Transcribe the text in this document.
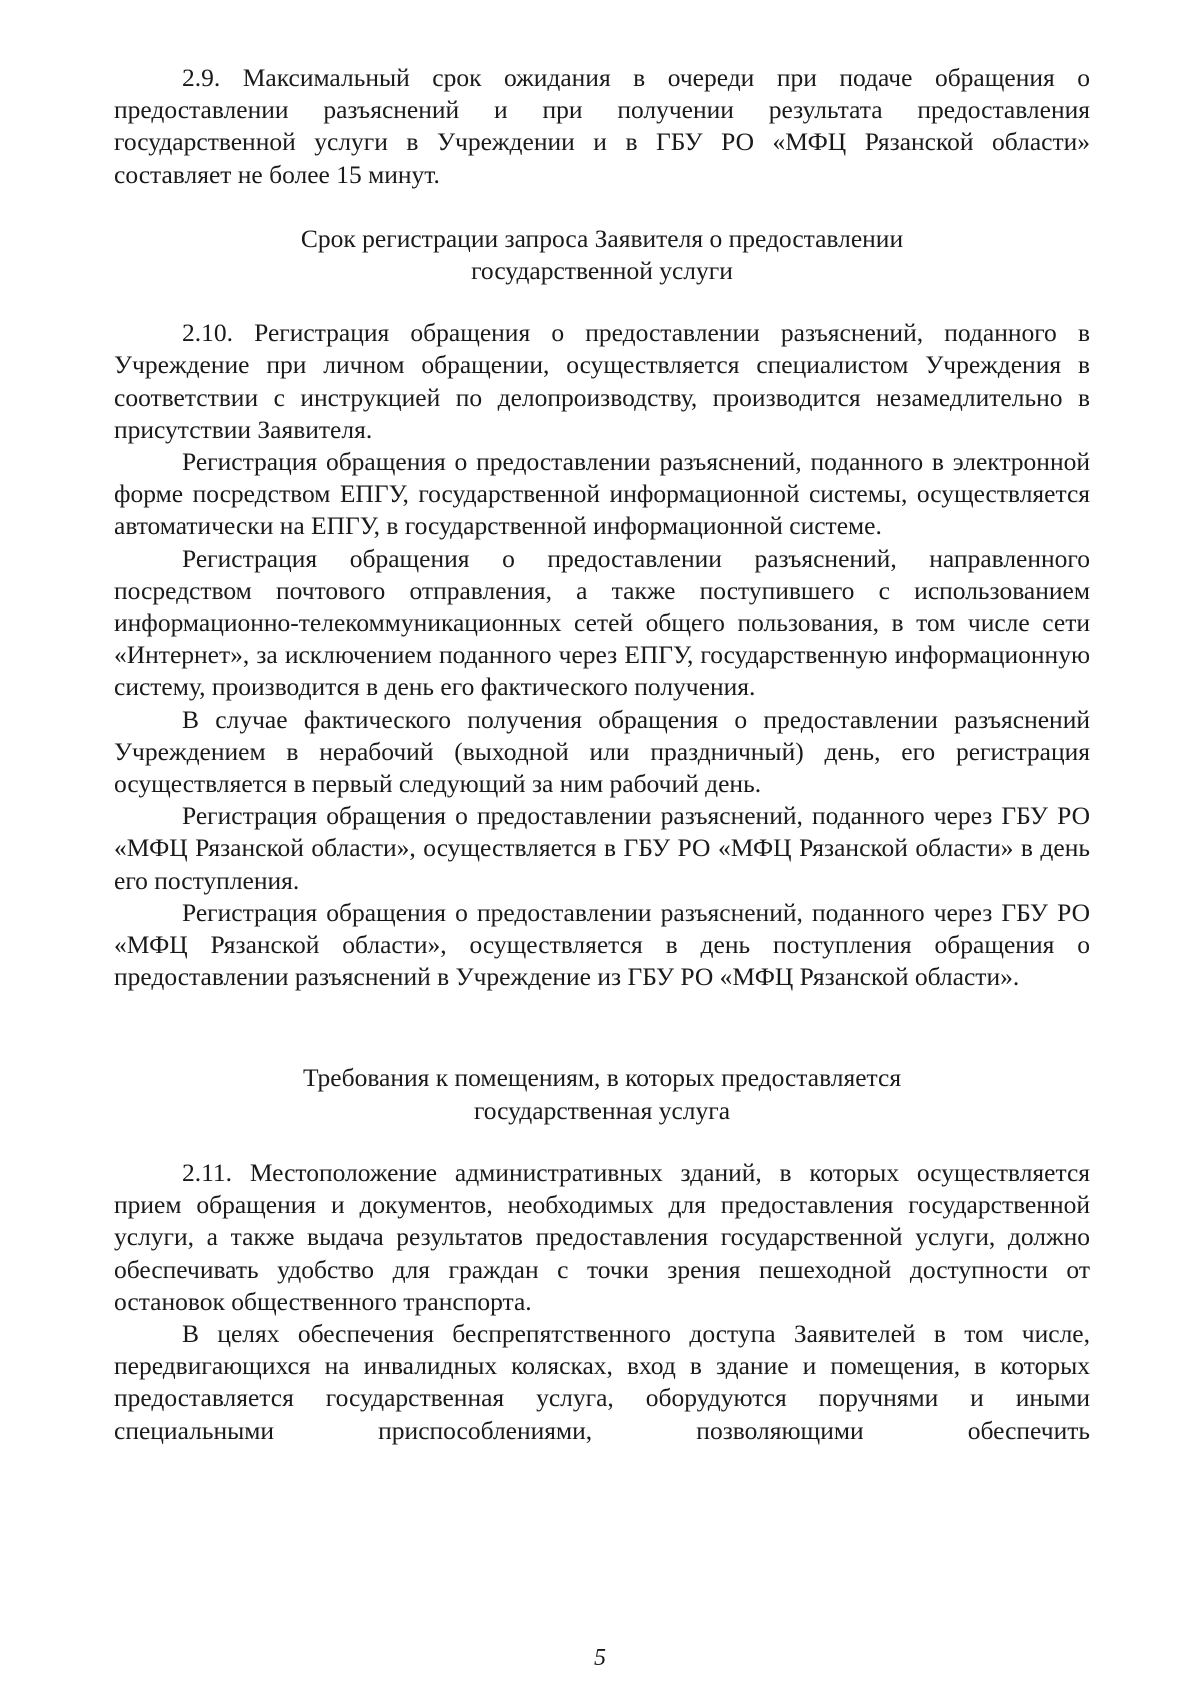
2.9. Максимальный срок ожидания в очереди при подаче обращения о предоставлении разъяснений и при получении результата предоставления государственной услуги в Учреждении и в ГБУ РО «МФЦ Рязанской области» составляет не более 15 минут.

Срок регистрации запроса Заявителя о предоставлении
государственной услуги

2.10. Регистрация обращения о предоставлении разъяснений, поданного в Учреждение при личном обращении, осуществляется специалистом Учреждения в соответствии с инструкцией по делопроизводству, производится незамедлительно в присутствии Заявителя.

Регистрация обращения о предоставлении разъяснений, поданного в электронной форме посредством ЕПГУ, государственной информационной системы, осуществляется автоматически на ЕПГУ, в государственной информационной системе.

Регистрация обращения о предоставлении разъяснений, направленного посредством почтового отправления, а также поступившего с использованием информационно-телекоммуникационных сетей общего пользования, в том числе сети «Интернет», за исключением поданного через ЕПГУ, государственную информационную систему, производится в день его фактического получения.

В случае фактического получения обращения о предоставлении разъяснений Учреждением в нерабочий (выходной или праздничный) день, его регистрация осуществляется в первый следующий за ним рабочий день.

Регистрация обращения о предоставлении разъяснений, поданного через ГБУ РО «МФЦ Рязанской области», осуществляется в ГБУ РО «МФЦ Рязанской области» в день его поступления.

Регистрация обращения о предоставлении разъяснений, поданного через ГБУ РО «МФЦ Рязанской области», осуществляется в день поступления обращения о предоставлении разъяснений в Учреждение из ГБУ РО «МФЦ Рязанской области».

Требования к помещениям, в которых предоставляется
государственная услуга

2.11. Местоположение административных зданий, в которых осуществляется прием обращения и документов, необходимых для предоставления государственной услуги, а также выдача результатов предоставления государственной услуги, должно обеспечивать удобство для граждан с точки зрения пешеходной доступности от остановок общественного транспорта.

В целях обеспечения беспрепятственного доступа Заявителей в том числе, передвигающихся на инвалидных колясках, вход в здание и помещения, в которых предоставляется государственная услуга, оборудуются поручнями и иными специальными приспособлениями, позволяющими обеспечить

5
